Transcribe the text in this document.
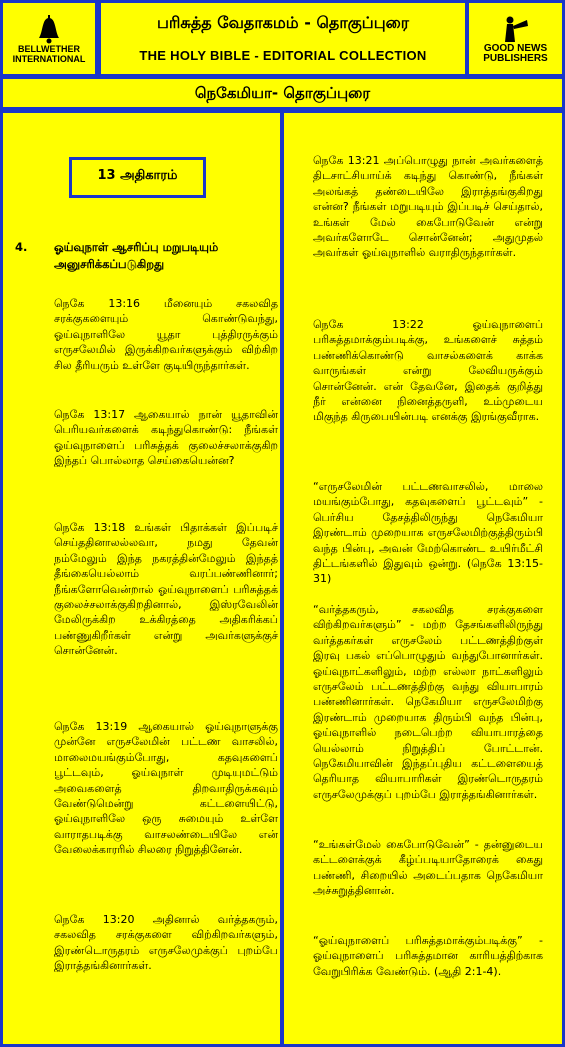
BELLWETHER
INTERNATIONAL
பரிசுத்த வேதாகமம் - தொகுப்புரை
THE HOLY BIBLE - EDITORIAL COLLECTION	GOOD NEWS
PUBLISHERS
நெகேமியா- தொகுப்புரை
13 அதிகாரம்
4. ஓய்வுநாள் ஆசரிப்பு மறுபடியும்
அனுசரிக்கப்படுகிறது
நெகே 13:16 மீனையும் சகலவித சரக்குகளையும் கொண்டுவந்து, ஓய்வுநாளிலே யூதா புத்திரருக்கும் எருசலேமில் இருக்கிறவர்களுக்கும் விற்கிற சில தீரியரும் உள்ளே குடியிருந்தார்கள்.
நெகே 13:17 ஆகையால் நான் யூதாவின் பெரியவர்களைக் கடிந்துகொண்டு: நீங்கள் ஓய்வுநாளைப் பரிசுத்தக் குலைச்சலாக்குகிற இந்தப் பொல்லாத செய்கையென்ன?
நெகே 13:18 உங்கள் பிதாக்கள் இப்படிச் செய்ததினாலல்லவா, நமது தேவன் நம்மேலும் இந்த நகரத்தின்மேலும் இந்தத் தீங்கையெல்லாம் வரப்பண்ணினார்; நீங்களோவென்றால் ஓய்வுநாளைப் பரிசுத்தக் குலைச்சலாக்குகிறதினால், இஸ்ரவேலின் மேலிருக்கிற உக்கிரத்தை அதிகரிக்கப் பண்ணுகிறீர்கள் என்று அவர்களுக்குச் சொன்னேன்.
நெகே 13:19 ஆகையால் ஓய்வுநாளுக்கு முன்னே எருசலேமின் பட்டண வாசலில், மாலைமயங்கும்போது, கதவுகளைப் பூட்டவும், ஓய்வுநாள் முடியுமட்டும் அவைகளைத் திறவாதிருக்கவும் வேண்டுமென்று கட்டளையிட்டு, ஓய்வுநாளிலே ஒரு சுமையும் உள்ளே வாராதபடிக்கு வாசலண்டையிலே என் வேலைக்காரரில் சிலரை நிறுத்தினேன்.
நெகே 13:20 அதினால் வர்த்தகரும், சகலவித சரக்குகளை விற்கிறவர்களும், இரண்டொருதரம் எருசலேமுக்குப் புறம்பே இராத்தங்கினார்கள்.
நெகே 13:21 அப்பொழுது நான் அவர்களைத் திடசாட்சியாய்க் கடிந்து கொண்டு, நீங்கள் அலங்கத் தண்டையிலே இராத்தங்குகிறது என்ன? நீங்கள் மறுபடியும் இப்படிச் செய்தால், உங்கள் மேல் கைபோடுவேன் என்று அவர்களோடே சொன்னேன்; அதுமுதல் அவர்கள் ஓய்வுநாளில் வராதிருந்தார்கள்.
நெகே 13:22 ஓய்வுநாளைப் பரிசுத்தமாக்கும்படிக்கு, உங்களைச் சுத்தம் பண்ணிக்கொண்டு வாசல்களைக் காக்க வாருங்கள் என்று லேவியருக்கும் சொன்னேன். என் தேவனே, இதைக் குறித்து நீர் என்னை நினைத்தருளி, உம்முடைய மிகுந்த கிருபையின்படி எனக்கு இரங்குவீராக.
“எருசலேமின் பட்டணவாசலில், மாலை மயங்கும்போது, கதவுகளைப் பூட்டவும்” - பெர்சிய தேசத்திலிருந்து நெகேமியா இரண்டாம் முறையாக எருசலேமிற்குத்திரும்பி வந்த பின்பு, அவன் மேற்கொண்ட உயிர்மீட்சி திட்டங்களில் இதுவும் ஒன்று. (நெகே 13:15-31)
“வர்த்தகரும், சகலவித சரக்குகளை விற்கிறவர்களும்” - மற்ற தேசங்களிலிருந்து வர்த்தகர்கள் எருசலேம் பட்டணத்திற்குள் இரவு பகல் எப்பொழுதும் வந்துபோனார்கள். ஓய்வுநாட்களிலும், மற்ற எல்லா நாட்களிலும் எருசலேம் பட்டணத்திற்கு வந்து வியாபாரம் பண்ணினார்கள். நெகேமியா எருசலேமிற்கு இரண்டாம் முறையாக திரும்பி வந்த பின்பு, ஓய்வுநாளில் நடைபெற்ற வியாபாரத்தை யெல்லாம் நிறுத்திப் போட்டான். நெகேமியாவின் இந்தப்புதிய கட்டளையைத் தெரியாத வியாபாரிகள் இரண்டொருதரம் எருசலேமுக்குப் புறம்பே இராத்தங்கினார்கள்.
“உங்கள்மேல் கைபோடுவேன்” - தன்னுடைய கட்டளைக்குக் கீழ்ப்படியாதோரைக் கைது பண்ணி, சிறையில் அடைப்பதாக நெகேமியா அச்சுறுத்தினான்.
“ஓய்வுநாளைப் பரிசுத்தமாக்கும்படிக்கு” - ஓய்வுநாளைப் பரிசுத்தமான காரியத்திற்காக வேறுபிரிக்க வேண்டும். (ஆதி 2:1-4).
